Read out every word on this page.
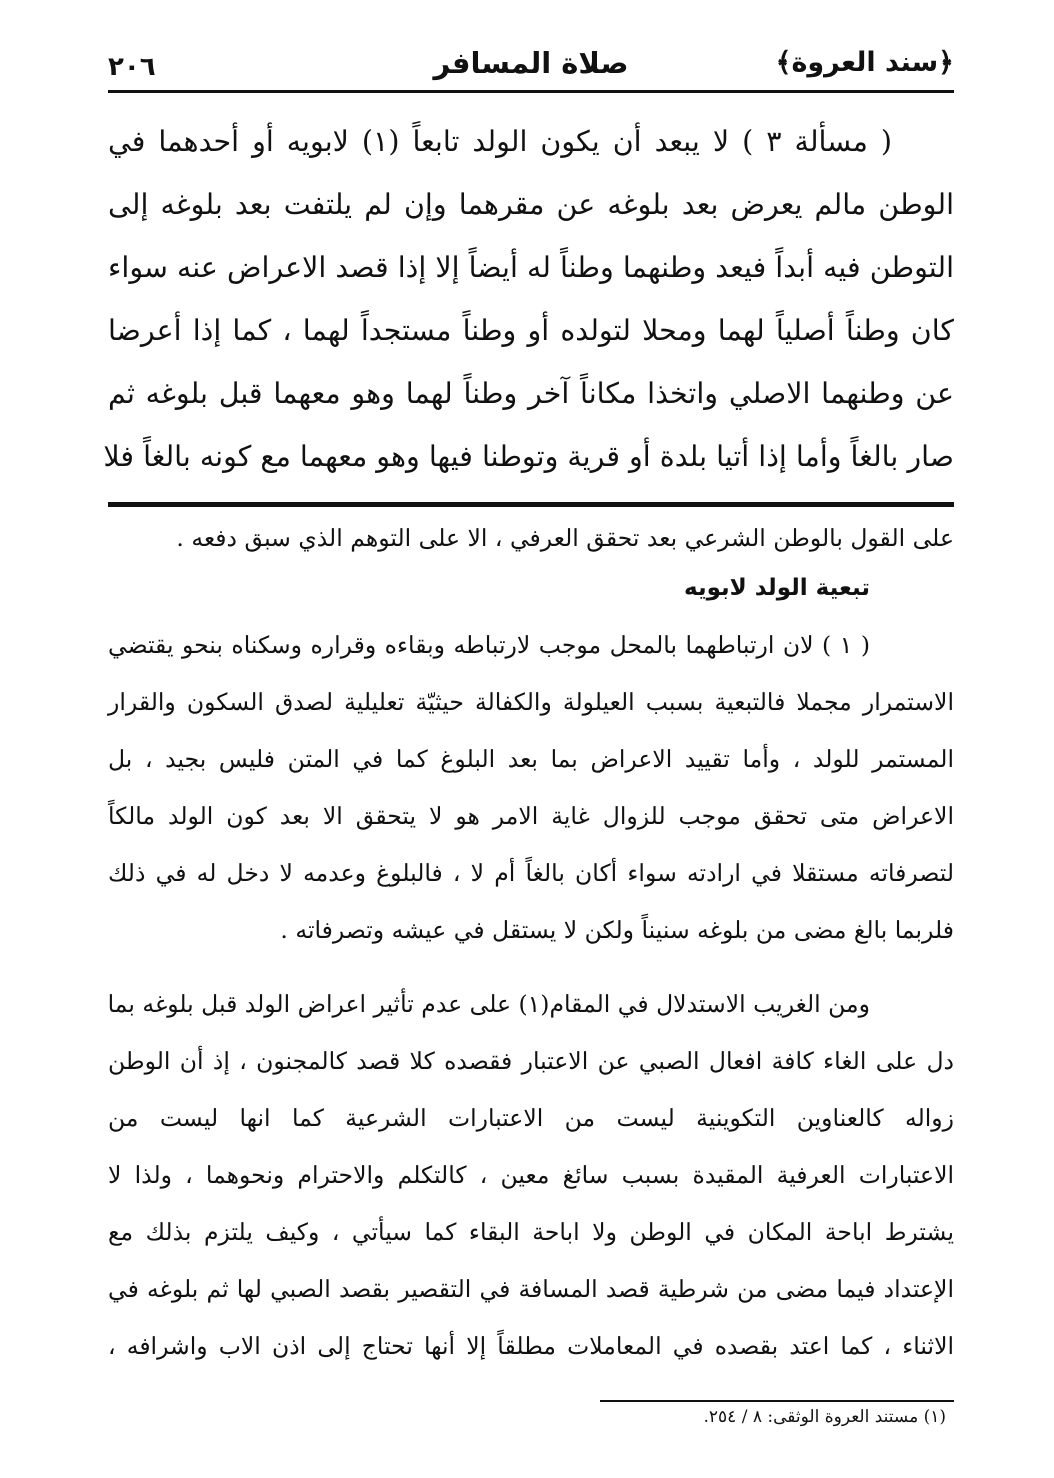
٢٠٦	صلاة المسافر	﴿سند العروة﴾
( مسألة ٣ ) لا يبعد أن يكون الولد تابعاً (١) لابويه أو أحدهما في
الوطن مالم يعرض بعد بلوغه عن مقرهما وإن لم يلتفت بعد بلوغه إلى
التوطن فيه أبداً فيعد وطنهما وطناً له أيضاً إلا إذا قصد الاعراض عنه سواء
كان وطناً أصلياً لهما ومحلا لتولده أو وطناً مستجداً لهما ، كما إذا أعرضا
عن وطنهما الاصلي واتخذا مكاناً آخر وطناً لهما وهو معهما قبل بلوغه ثم
صار بالغاً وأما إذا أتيا بلدة أو قرية وتوطنا فيها وهو معهما مع كونه بالغاً فلا
على القول بالوطن الشرعي بعد تحقق العرفي ، الا على التوهم الذي سبق دفعه .
تبعية الولد لابويه
( ١ ) لان ارتباطهما بالمحل موجب لارتباطه وبقاءه وقراره وسكناه بنحو يقتضي
الاستمرار مجملا فالتبعية بسبب العيلولة والكفالة حيثيّة تعليلية لصدق السكون والقرار
المستمر للولد ، وأما تقييد الاعراض بما بعد البلوغ كما في المتن فليس بجيد ، بل
الاعراض متى تحقق موجب للزوال غاية الامر هو لا يتحقق الا بعد كون الولد مالكاً
لتصرفاته مستقلا في ارادته سواء أكان بالغاً أم لا ، فالبلوغ وعدمه لا دخل له في ذلك
فلربما بالغ مضى من بلوغه سنيناً ولكن لا يستقل في عيشه وتصرفاته .
ومن الغريب الاستدلال في المقام(١) على عدم تأثير اعراض الولد قبل بلوغه بما
دل على الغاء كافة افعال الصبي عن الاعتبار فقصده كلا قصد كالمجنون ، إذ أن الوطن
زواله كالعناوين التكوينية ليست من الاعتبارات الشرعية كما انها ليست من
الاعتبارات العرفية المقيدة بسبب سائغ معين ، كالتكلم والاحترام ونحوهما ، ولذا لا
يشترط اباحة المكان في الوطن ولا اباحة البقاء كما سيأتي ، وكيف يلتزم بذلك مع
الإعتداد فيما مضى من شرطية قصد المسافة في التقصير بقصد الصبي لها ثم بلوغه في
الاثناء ، كما اعتد بقصده في المعاملات مطلقاً إلا أنها تحتاج إلى اذن الاب واشرافه ،
(١) مستند العروة الوثقى: ٨ / ٢٥٤.
